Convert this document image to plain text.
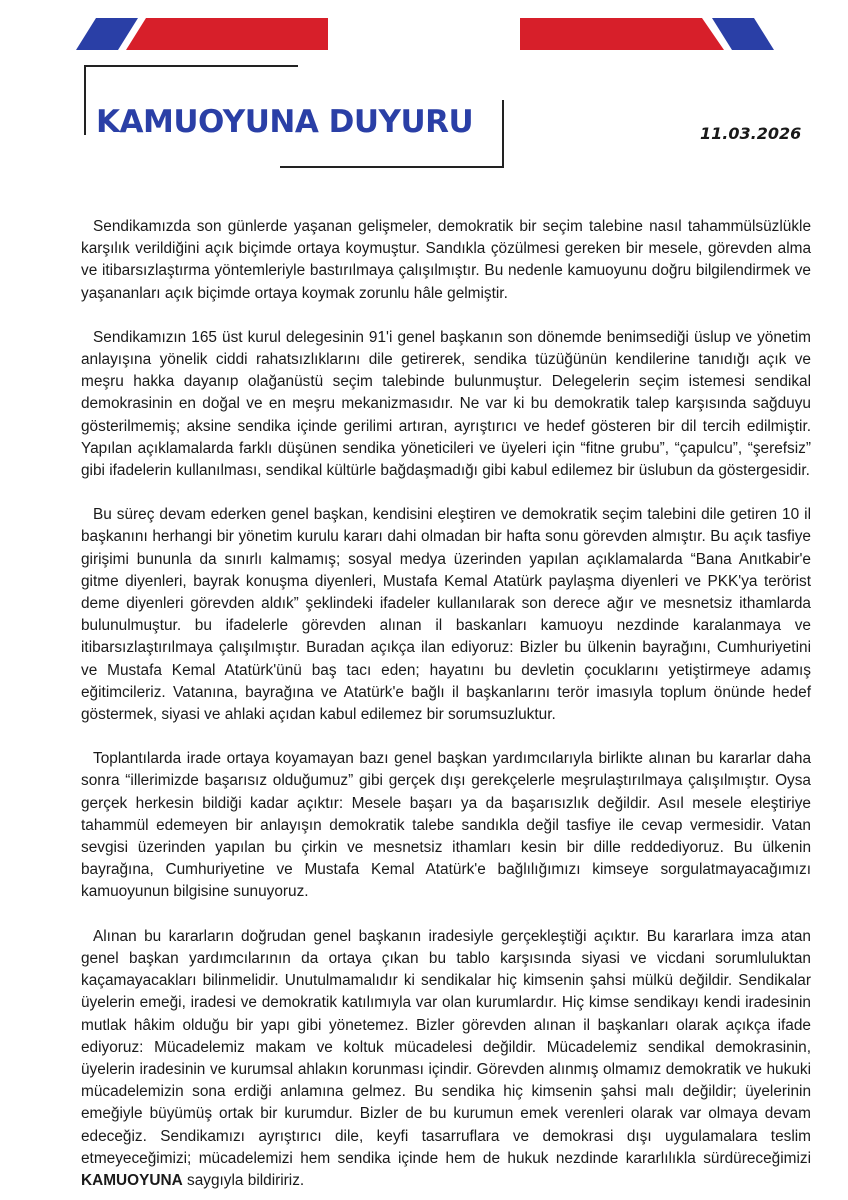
KAMUOYUNA DUYURU	11.03.2026

Sendikamızda son günlerde yaşanan gelişmeler, demokratik bir seçim talebine nasıl tahammülsüzlükle karşılık verildiğini açık biçimde ortaya koymuştur. Sandıkla çözülmesi gereken bir mesele, görevden alma ve itibarsızlaştırma yöntemleriyle bastırılmaya çalışılmıştır. Bu nedenle kamuoyunu doğru bilgilendirmek ve yaşananları açık biçimde ortaya koymak zorunlu hâle gelmiştir.

Sendikamızın 165 üst kurul delegesinin 91'i genel başkanın son dönemde benimsediği üslup ve yönetim anlayışına yönelik ciddi rahatsızlıklarını dile getirerek, sendika tüzüğünün kendilerine tanıdığı açık ve meşru hakka dayanıp olağanüstü seçim talebinde bulunmuştur. Delegelerin seçim istemesi sendikal demokrasinin en doğal ve en meşru mekanizmasıdır. Ne var ki bu demokratik talep karşısında sağduyu gösterilmemiş; aksine sendika içinde gerilimi artıran, ayrıştırıcı ve hedef gösteren bir dil tercih edilmiştir. Yapılan açıklamalarda farklı düşünen sendika yöneticileri ve üyeleri için “fitne grubu”, “çapulcu”, “şerefsiz” gibi ifadelerin kullanılması, sendikal kültürle bağdaşmadığı gibi kabul edilemez bir üslubun da göstergesidir.

Bu süreç devam ederken genel başkan, kendisini eleştiren ve demokratik seçim talebini dile getiren 10 il başkanını herhangi bir yönetim kurulu kararı dahi olmadan bir hafta sonu görevden almıştır. Bu açık tasfiye girişimi bununla da sınırlı kalmamış; sosyal medya üzerinden yapılan açıklamalarda “Bana Anıtkabir'e gitme diyenleri, bayrak konuşma diyenleri, Mustafa Kemal Atatürk paylaşma diyenleri ve PKK'ya terörist deme diyenleri görevden aldık” şeklindeki ifadeler kullanılarak son derece ağır ve mesnetsiz ithamlarda bulunulmuştur. bu ifadelerle görevden alınan il baskanları kamuoyu nezdinde karalanmaya ve itibarsızlaştırılmaya çalışılmıştır. Buradan açıkça ilan ediyoruz: Bizler bu ülkenin bayrağını, Cumhuriyetini ve Mustafa Kemal Atatürk'ünü baş tacı eden; hayatını bu devletin çocuklarını yetiştirmeye adamış eğitimcileriz. Vatanına, bayrağına ve Atatürk'e bağlı il başkanlarını terör imasıyla toplum önünde hedef göstermek, siyasi ve ahlaki açıdan kabul edilemez bir sorumsuzluktur.

Toplantılarda irade ortaya koyamayan bazı genel başkan yardımcılarıyla birlikte alınan bu kararlar daha sonra “illerimizde başarısız olduğumuz” gibi gerçek dışı gerekçelerle meşrulaştırılmaya çalışılmıştır. Oysa gerçek herkesin bildiği kadar açıktır: Mesele başarı ya da başarısızlık değildir. Asıl mesele eleştiriye tahammül edemeyen bir anlayışın demokratik talebe sandıkla değil tasfiye ile cevap vermesidir. Vatan sevgisi üzerinden yapılan bu çirkin ve mesnetsiz ithamları kesin bir dille reddediyoruz. Bu ülkenin bayrağına, Cumhuriyetine ve Mustafa Kemal Atatürk'e bağlılığımızı kimseye sorgulatmayacağımızı kamuoyunun bilgisine sunuyoruz.

Alınan bu kararların doğrudan genel başkanın iradesiyle gerçekleştiği açıktır. Bu kararlara imza atan genel başkan yardımcılarının da ortaya çıkan bu tablo karşısında siyasi ve vicdani sorumluluktan kaçamayacakları bilinmelidir. Unutulmamalıdır ki sendikalar hiç kimsenin şahsi mülkü değildir. Sendikalar üyelerin emeği, iradesi ve demokratik katılımıyla var olan kurumlardır. Hiç kimse sendikayı kendi iradesinin mutlak hâkim olduğu bir yapı gibi yönetemez. Bizler görevden alınan il başkanları olarak açıkça ifade ediyoruz: Mücadelemiz makam ve koltuk mücadelesi değildir. Mücadelemiz sendikal demokrasinin, üyelerin iradesinin ve kurumsal ahlakın korunması içindir. Görevden alınmış olmamız demokratik ve hukuki mücadelemizin sona erdiği anlamına gelmez. Bu sendika hiç kimsenin şahsi malı değildir; üyelerinin emeğiyle büyümüş ortak bir kurumdur. Bizler de bu kurumun emek verenleri olarak var olmaya devam edeceğiz. Sendikamızı ayrıştırıcı dile, keyfi tasarruflara ve demokrasi dışı uygulamalara teslim etmeyeceğimizi; mücadelemizi hem sendika içinde hem de hukuk nezdinde kararlılıkla sürdüreceğimizi KAMUOYUNA saygıyla bildiririz.
